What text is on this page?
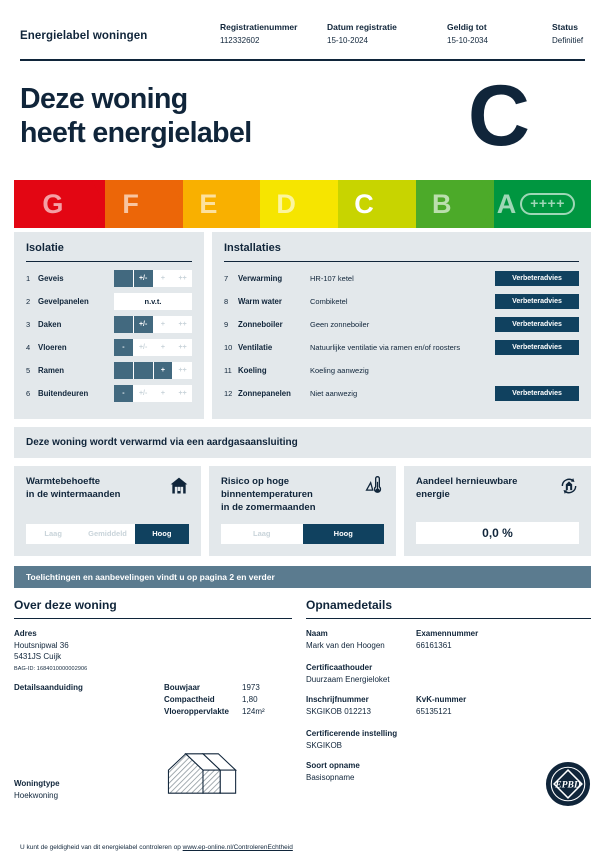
Energielabel woningen
Registratienummer
112332602
Datum registratie
15-10-2024
Geldig tot
15-10-2034
Status
Definitief
Deze woning
heeft energielabel	C
G F E D C B A	++++
Isolatie
1	Geveis	+/-	+	++
2	Gevelpanelen	n.v.t.
3	Daken	+/-	+	++
4	Vloeren	-	+/-	+	++
5	Ramen	+	++
6	Buitendeuren	-	+/-	+	++
Installaties
7	Verwarming	HR-107 ketel	Verbeteradvies
8	Warm water	Combiketel	Verbeteradvies
9	Zonneboiler	Geen zonneboiler	Verbeteradvies
10 Ventilatie	Natuurlijke ventilatie via ramen en/of roosters	Verbeteradvies
11 Koeling	Koeling aanwezig
12 Zonnepanelen	Niet aanwezig	Verbeteradvies
Deze woning wordt verwarmd via een aardgasaansluiting
Warmtebehoefte
in de wintermaanden
Laag	Gemiddeld	Hoog
Risico op hoge
binnentemperaturen
in de zomermaanden
Laag	Hoog
Aandeel hernieuwbare
energie
0,0 %
Toelichtingen en aanbevelingen vindt u op pagina 2 en verder
Over deze woning
Adres
Houtsnipwal 36
5431JS Cuijk
BAG-ID: 1684010000002906
Detailsaanduiding	Bouwjaar	1973
Compactheid	1,80
Vloeroppervlakte	124m²
Woningtype
Hoekwoning
Opnamedetails
Naam
Mark van den Hoogen
Examennummer
66161361
Certificaathouder
Duurzaam Energieloket
Inschrijfnummer
SKGIKOB 012213
KvK-nummer
65135121
Certificerende instelling
SKGIKOB
Soort opname
Basisopname
EPBD
U kunt de geldigheid van dit energielabel controleren op www.ep-online.nl/ControlerenEchtheid
